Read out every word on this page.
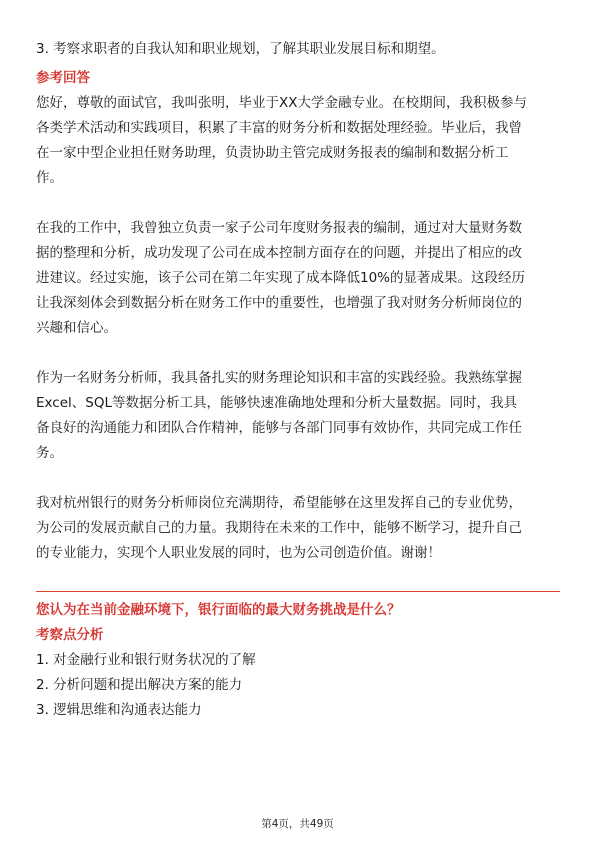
3. 考察求职者的自我认知和职业规划，了解其职业发展目标和期望。
参考回答
您好，尊敬的面试官，我叫张明，毕业于XX大学金融专业。在校期间，我积极参与
各类学术活动和实践项目，积累了丰富的财务分析和数据处理经验。毕业后，我曾
在一家中型企业担任财务助理，负责协助主管完成财务报表的编制和数据分析工
作。
在我的工作中，我曾独立负责一家子公司年度财务报表的编制，通过对大量财务数
据的整理和分析，成功发现了公司在成本控制方面存在的问题，并提出了相应的改
进建议。经过实施，该子公司在第二年实现了成本降低10%的显著成果。这段经历
让我深刻体会到数据分析在财务工作中的重要性，也增强了我对财务分析师岗位的
兴趣和信心。
作为一名财务分析师，我具备扎实的财务理论知识和丰富的实践经验。我熟练掌握
Excel、SQL等数据分析工具，能够快速准确地处理和分析大量数据。同时，我具
备良好的沟通能力和团队合作精神，能够与各部门同事有效协作，共同完成工作任
务。
我对杭州银行的财务分析师岗位充满期待，希望能够在这里发挥自己的专业优势，
为公司的发展贡献自己的力量。我期待在未来的工作中，能够不断学习，提升自己
的专业能力，实现个人职业发展的同时，也为公司创造价值。谢谢！
您认为在当前金融环境下，银行面临的最大财务挑战是什么？
考察点分析
1. 对金融行业和银行财务状况的了解
2. 分析问题和提出解决方案的能力
3. 逻辑思维和沟通表达能力
第4页，共49页
